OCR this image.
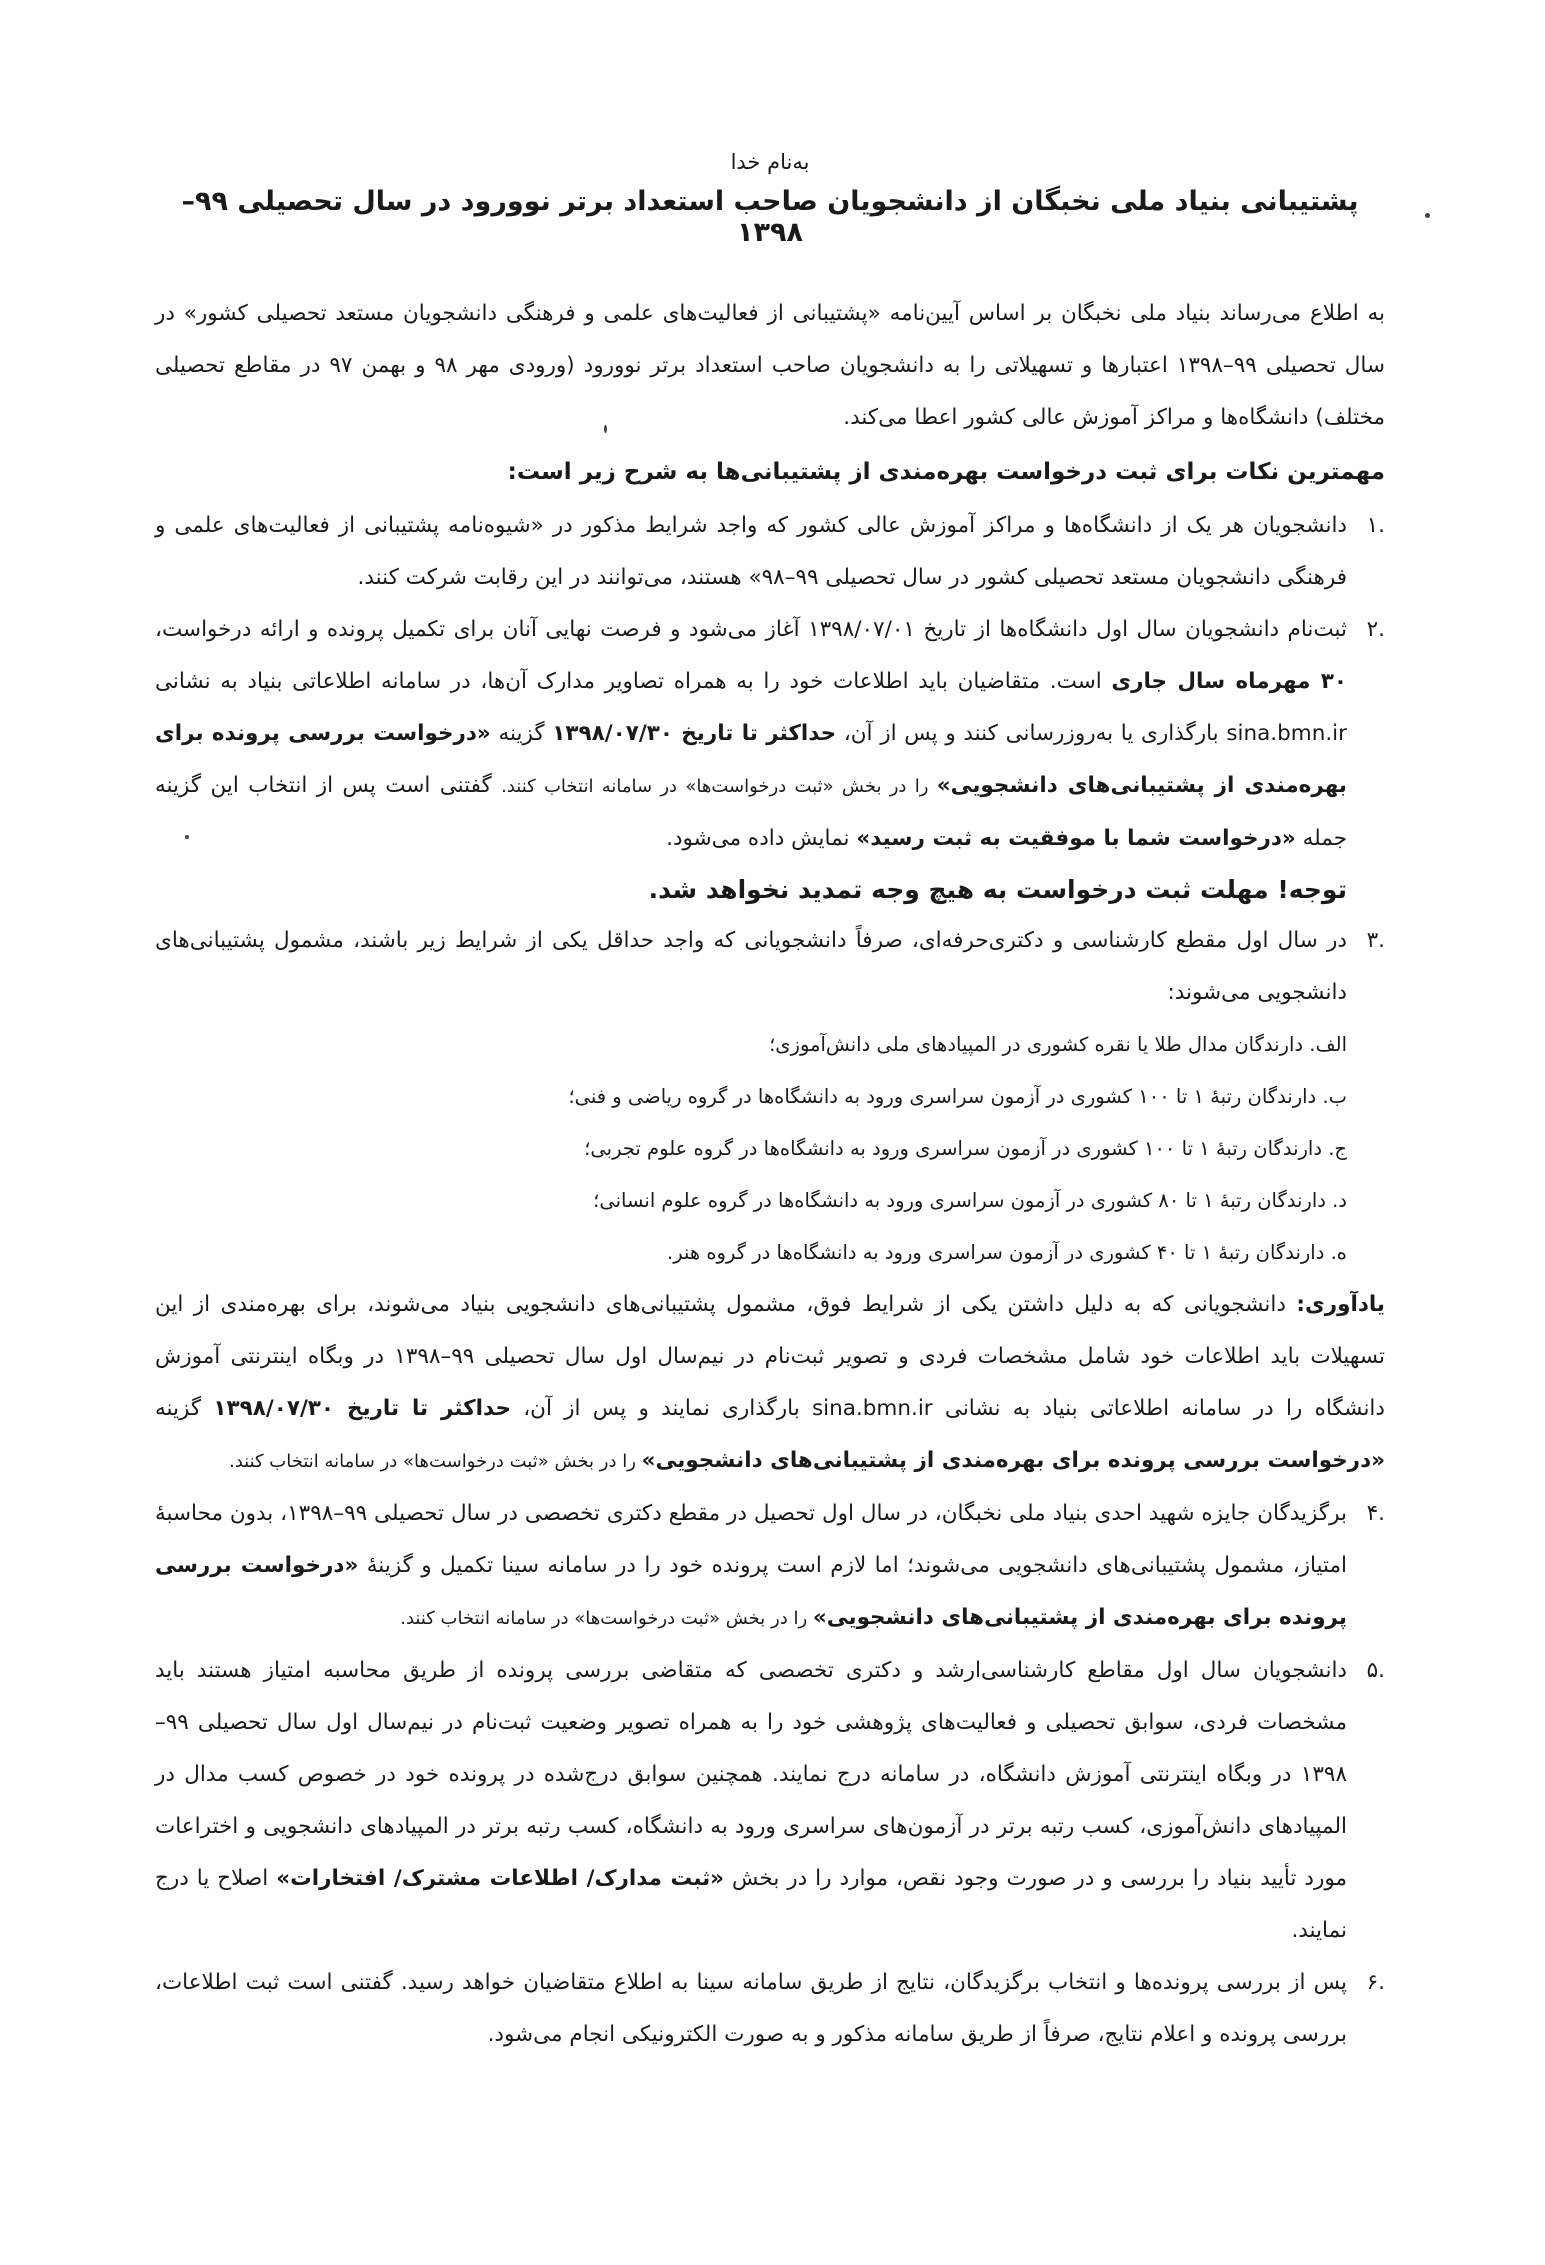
به‌نام خدا
پشتیبانی بنیاد ملی نخبگان از دانشجویان صاحب استعداد برتر نوورود در سال تحصیلی ۹۹–۱۳۹۸

به اطلاع می‌رساند بنیاد ملی نخبگان بر اساس آیین‌نامه «پشتیبانی از فعالیت‌های علمی و فرهنگی دانشجویان مستعد تحصیلی کشور» در سال تحصیلی ۹۹–۱۳۹۸ اعتبارها و تسهیلاتی را به دانشجویان صاحب استعداد برتر نوورود (ورودی مهر ۹۸ و بهمن ۹۷ در مقاطع تحصیلی مختلف) دانشگاه‌ها و مراکز آموزش عالی کشور اعطا می‌کند.

مهمترین نکات برای ثبت درخواست بهره‌مندی از پشتیبانی‌ها به شرح زیر است:

.۱

دانشجویان هر یک از دانشگاه‌ها و مراکز آموزش عالی کشور که واجد شرایط مذکور در «شیوه‌نامه پشتیبانی از فعالیت‌های علمی و فرهنگی دانشجویان مستعد تحصیلی کشور در سال تحصیلی ۹۹–۹۸» هستند، می‌توانند در این رقابت شرکت کنند.

.۲

ثبت‌نام دانشجویان سال اول دانشگاه‌ها از تاریخ ۱۳۹۸/۰۷/۰۱ آغاز می‌شود و فرصت نهایی آنان برای تکمیل پرونده و ارائه درخواست، ۳۰ مهرماه سال جاری است. متقاضیان باید اطلاعات خود را به همراه تصاویر مدارک آن‌ها، در سامانه اطلاعاتی بنیاد به نشانی sina.bmn.ir بارگذاری یا به‌روزرسانی کنند و پس از آن، حداکثر تا تاریخ ۱۳۹۸/۰۷/۳۰ گزینه «درخواست بررسی پرونده برای بهره‌مندی از پشتیبانی‌های دانشجویی» را در بخش «ثبت درخواست‌ها» در سامانه انتخاب کنند. گفتنی است پس از انتخاب این گزینه جمله «درخواست شما با موفقیت به ثبت رسید» نمایش داده می‌شود.

توجه! مهلت ثبت درخواست به هیچ وجه تمدید نخواهد شد.

.۳

در سال اول مقطع کارشناسی و دکتری‌حرفه‌ای، صرفاً دانشجویانی که واجد حداقل یکی از شرایط زیر باشند، مشمول پشتیبانی‌های دانشجویی می‌شوند:

الف. دارندگان مدال طلا یا نقره کشوری در المپیادهای ملی دانش‌آموزی؛

ب. دارندگان رتبهٔ ۱ تا ۱۰۰ کشوری در آزمون سراسری ورود به دانشگاه‌ها در گروه ریاضی و فنی؛

ج. دارندگان رتبهٔ ۱ تا ۱۰۰ کشوری در آزمون سراسری ورود به دانشگاه‌ها در گروه علوم تجربی؛

د. دارندگان رتبهٔ ۱ تا ۸۰ کشوری در آزمون سراسری ورود به دانشگاه‌ها در گروه علوم انسانی؛

ه. دارندگان رتبهٔ ۱ تا ۴۰ کشوری در آزمون سراسری ورود به دانشگاه‌ها در گروه هنر.

یادآوری: دانشجویانی که به دلیل داشتن یکی از شرایط فوق، مشمول پشتیبانی‌های دانشجویی بنیاد می‌شوند، برای بهره‌مندی از این تسهیلات باید اطلاعات خود شامل مشخصات فردی و تصویر ثبت‌نام در نیم‌سال اول سال تحصیلی ۹۹–۱۳۹۸ در وبگاه اینترنتی آموزش دانشگاه را در سامانه اطلاعاتی بنیاد به نشانی sina.bmn.ir بارگذاری نمایند و پس از آن، حداکثر تا تاریخ ۱۳۹۸/۰۷/۳۰ گزینه «درخواست بررسی پرونده برای بهره‌مندی از پشتیبانی‌های دانشجویی» را در بخش «ثبت درخواست‌ها» در سامانه انتخاب کنند.

.۴

برگزیدگان جایزه شهید احدی بنیاد ملی نخبگان، در سال اول تحصیل در مقطع دکتری تخصصی در سال تحصیلی ۹۹–۱۳۹۸، بدون محاسبهٔ امتیاز، مشمول پشتیبانی‌های دانشجویی می‌شوند؛ اما لازم است پرونده خود را در سامانه سینا تکمیل و گزینهٔ «درخواست بررسی پرونده برای بهره‌مندی از پشتیبانی‌های دانشجویی» را در بخش «ثبت درخواست‌ها» در سامانه انتخاب کنند.

.۵

دانشجویان سال اول مقاطع کارشناسی‌ارشد و دکتری تخصصی که متقاضی بررسی پرونده از طریق محاسبه امتیاز هستند باید مشخصات فردی، سوابق تحصیلی و فعالیت‌های پژوهشی خود را به همراه تصویر وضعیت ثبت‌نام در نیم‌سال اول سال تحصیلی ۹۹–۱۳۹۸ در وبگاه اینترنتی آموزش دانشگاه، در سامانه درج نمایند. همچنین سوابق درج‌شده در پرونده خود در خصوص کسب مدال در المپیادهای دانش‌آموزی، کسب رتبه برتر در آزمون‌های سراسری ورود به دانشگاه، کسب رتبه برتر در المپیادهای دانشجویی و اختراعات مورد تأیید بنیاد را بررسی و در صورت وجود نقص، موارد را در بخش «ثبت مدارک/ اطلاعات مشترک/ افتخارات» اصلاح یا درج نمایند.

.۶

پس از بررسی پرونده‌ها و انتخاب برگزیدگان، نتایج از طریق سامانه سینا به اطلاع متقاضیان خواهد رسید. گفتنی است ثبت اطلاعات، بررسی پرونده و اعلام نتایج، صرفاً از طریق سامانه مذکور و به صورت الکترونیکی انجام می‌شود.
